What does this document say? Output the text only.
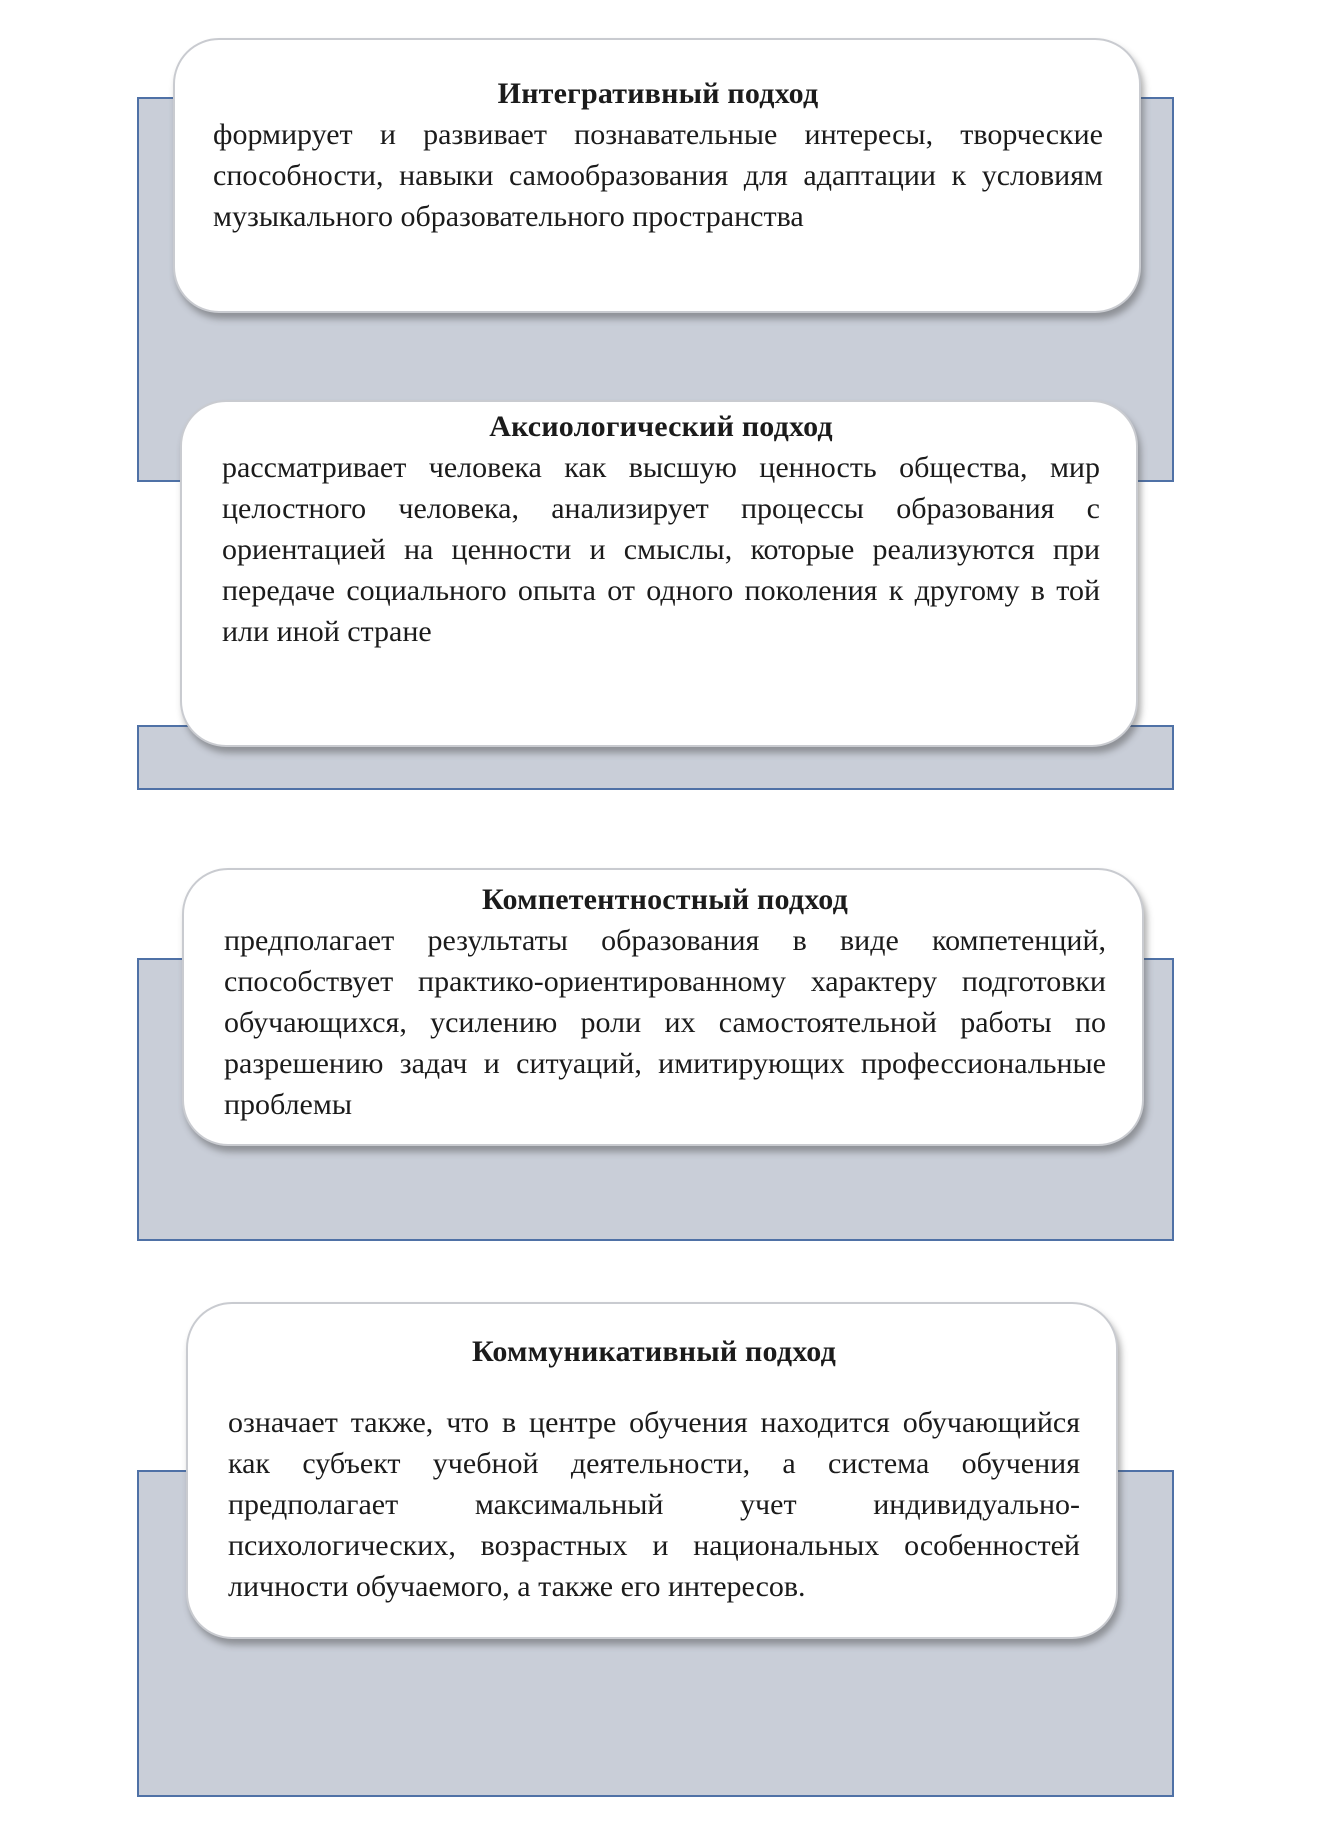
Интегративный подход
формирует и развивает познавательные интересы, творческие способности, навыки самообразования для адаптации к условиям музыкального образовательного пространства
Аксиологический подход
рассматривает человека как высшую ценность общества, мир целостного человека, анализирует процессы образования с ориентацией на ценности и смыслы, которые реализуются при передаче социального опыта от одного поколения к другому в той или иной стране
Компетентностный подход
предполагает результаты образования в виде компетенций, способствует практико-ориентированному характеру подготовки обучающихся, усилению роли их самостоятельной работы по разрешению задач и ситуаций, имитирующих профессиональные проблемы
Коммуникативный подход
означает также, что в центре обучения находится обучающийся как субъект учебной деятельности, а система обучения предполагает максимальный учет индивидуально-психологических, возрастных и национальных особенностей личности обучаемого, а также его интересов.
